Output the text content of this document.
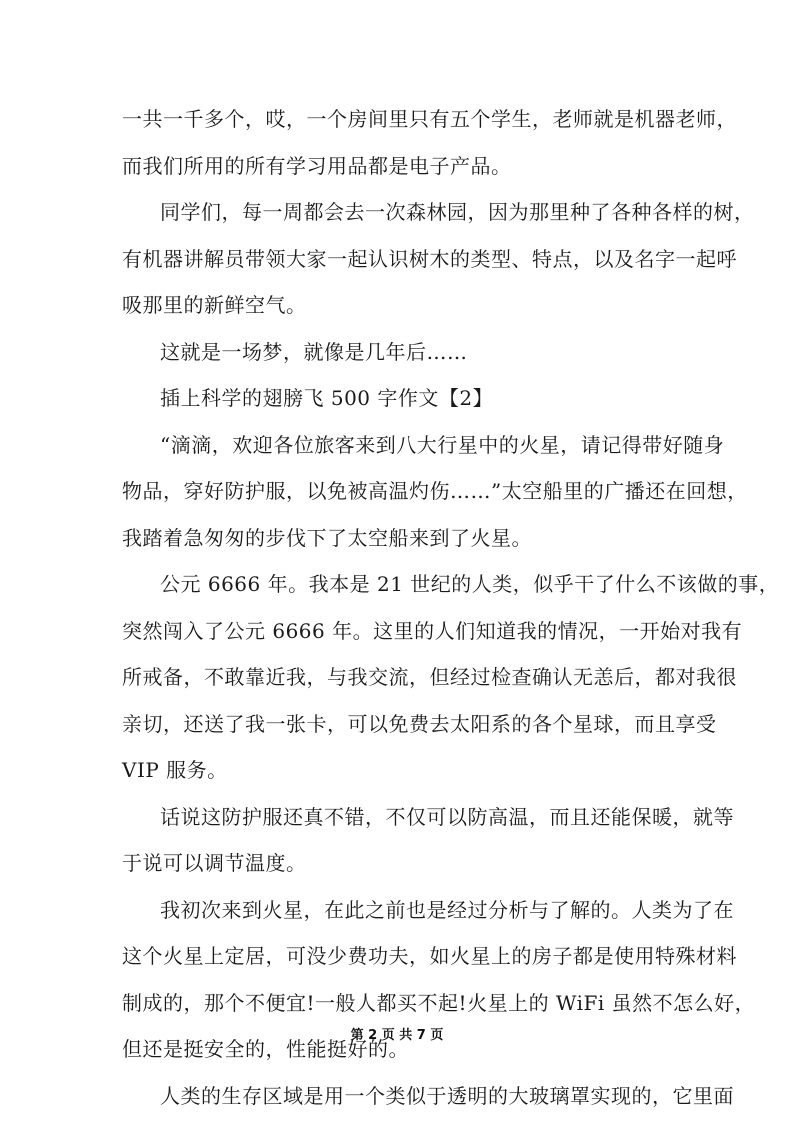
一共一千多个，哎，一个房间里只有五个学生，老师就是机器老师，
而我们所用的所有学习用品都是电子产品。
同学们，每一周都会去一次森林园，因为那里种了各种各样的树，
有机器讲解员带领大家一起认识树木的类型、特点，以及名字一起呼
吸那里的新鲜空气。
这就是一场梦，就像是几年后……
插上科学的翅膀飞 500 字作文【2】
“滴滴，欢迎各位旅客来到八大行星中的火星，请记得带好随身
物品，穿好防护服，以免被高温灼伤……”太空船里的广播还在回想，
我踏着急匆匆的步伐下了太空船来到了火星。
公元 6666 年。我本是 21 世纪的人类，似乎干了什么不该做的事，
突然闯入了公元 6666 年。这里的人们知道我的情况，一开始对我有
所戒备，不敢靠近我，与我交流，但经过检查确认无恙后，都对我很
亲切，还送了我一张卡，可以免费去太阳系的各个星球，而且享受
VIP 服务。
话说这防护服还真不错，不仅可以防高温，而且还能保暖，就等
于说可以调节温度。
我初次来到火星，在此之前也是经过分析与了解的。人类为了在
这个火星上定居，可没少费功夫，如火星上的房子都是使用特殊材料
制成的，那个不便宜!一般人都买不起!火星上的 WiFi 虽然不怎么好，
但还是挺安全的，性能挺好的。
人类的生存区域是用一个类似于透明的大玻璃罩实现的，它里面
第 2 页 共 7 页
